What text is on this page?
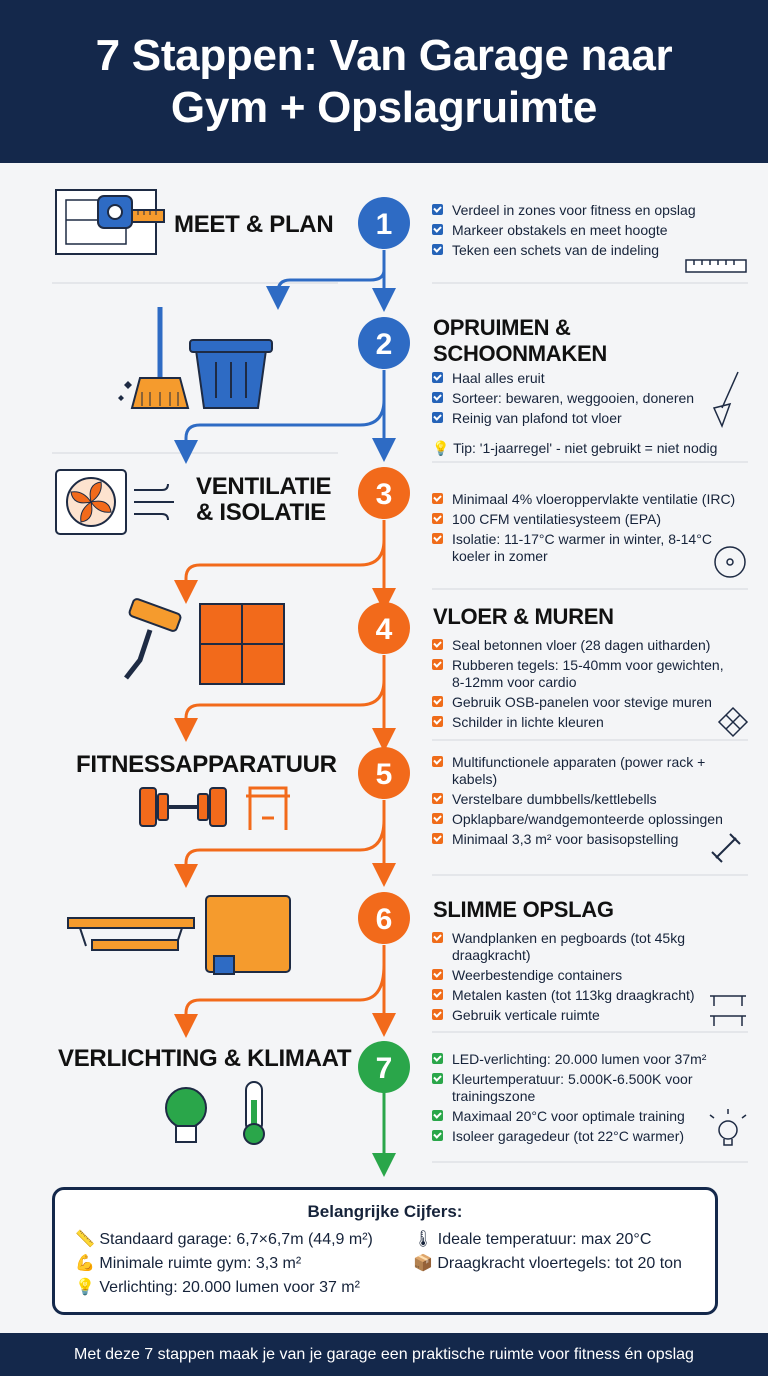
7 Stappen: Van Garage naar
Gym + Opslagruimte
1
2
3
4
5
6
7
MEET & PLAN
OPRUIMEN &
SCHOONMAKEN
VENTILATIE
& ISOLATIE
VLOER & MUREN
FITNESSAPPARATUUR
SLIMME OPSLAG
VERLICHTING & KLIMAAT
Verdeel in zones voor fitness en opslag
Markeer obstakels en meet hoogte
Teken een schets van de indeling
Haal alles eruit
Sorteer: bewaren, weggooien, doneren
Reinig van plafond tot vloer
💡 Tip: '1-jaarregel' - niet gebruikt = niet nodig
Minimaal 4% vloeroppervlakte ventilatie (IRC)
100 CFM ventilatiesysteem (EPA)
Isolatie: 11-17°C warmer in winter, 8-14°C
koeler in zomer
Seal betonnen vloer (28 dagen uitharden)
Rubberen tegels: 15-40mm voor gewichten,
8-12mm voor cardio
Gebruik OSB-panelen voor stevige muren
Schilder in lichte kleuren
Multifunctionele apparaten (power rack +
kabels)
Verstelbare dumbbells/kettlebells
Opklapbare/wandgemonteerde oplossingen
Minimaal 3,3 m² voor basisopstelling
Wandplanken en pegboards (tot 45kg
draagkracht)
Weerbestendige containers
Metalen kasten (tot 113kg draagkracht)
Gebruik verticale ruimte
LED-verlichting: 20.000 lumen voor 37m²
Kleurtemperatuur: 5.000K-6.500K voor
trainingszone
Maximaal 20°C voor optimale training
Isoleer garagedeur (tot 22°C warmer)
Belangrijke Cijfers:
📏 Standaard garage: 6,7×6,7m (44,9 m²)	🌡 Ideale temperatuur: max 20°C
💪 Minimale ruimte gym: 3,3 m²	📦 Draagkracht vloertegels: tot 20 ton
💡 Verlichting: 20.000 lumen voor 37 m²
Met deze 7 stappen maak je van je garage een praktische ruimte voor fitness én opslag
